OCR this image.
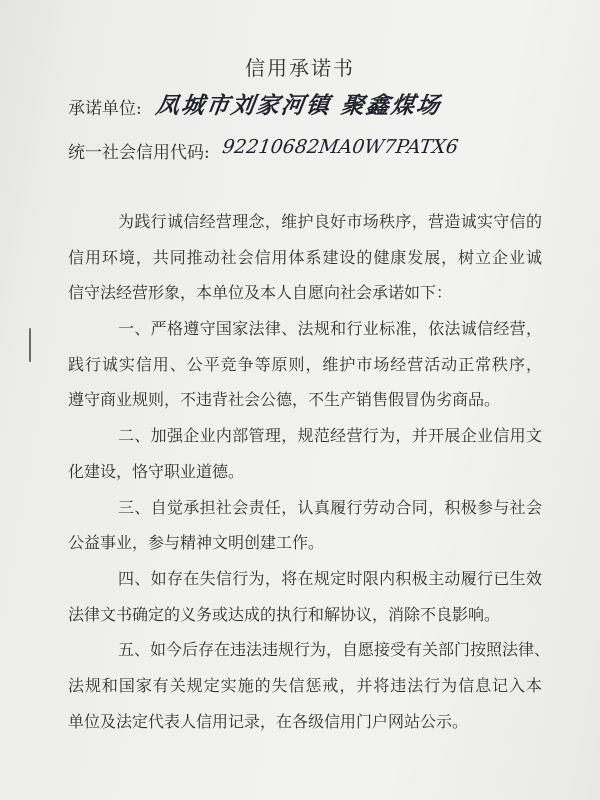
信用承诺书
承诺单位: 凤城市刘家河镇 聚鑫煤场
统一社会信用代码: 92210682MA0W7PATX6
为践行诚信经营理念，维护良好市场秩序，营造诚实守信的
信用环境，共同推动社会信用体系建设的健康发展，树立企业诚
信守法经营形象，本单位及本人自愿向社会承诺如下：
一、严格遵守国家法律、法规和行业标准，依法诚信经营，
践行诚实信用、公平竞争等原则，维护市场经营活动正常秩序，
遵守商业规则，不违背社会公德，不生产销售假冒伪劣商品。
二、加强企业内部管理，规范经营行为，并开展企业信用文
化建设，恪守职业道德。
三、自觉承担社会责任，认真履行劳动合同，积极参与社会
公益事业，参与精神文明创建工作。
四、如存在失信行为，将在规定时限内积极主动履行已生效
法律文书确定的义务或达成的执行和解协议，消除不良影响。
五、如今后存在违法违规行为，自愿接受有关部门按照法律、
法规和国家有关规定实施的失信惩戒，并将违法行为信息记入本
单位及法定代表人信用记录，在各级信用门户网站公示。
